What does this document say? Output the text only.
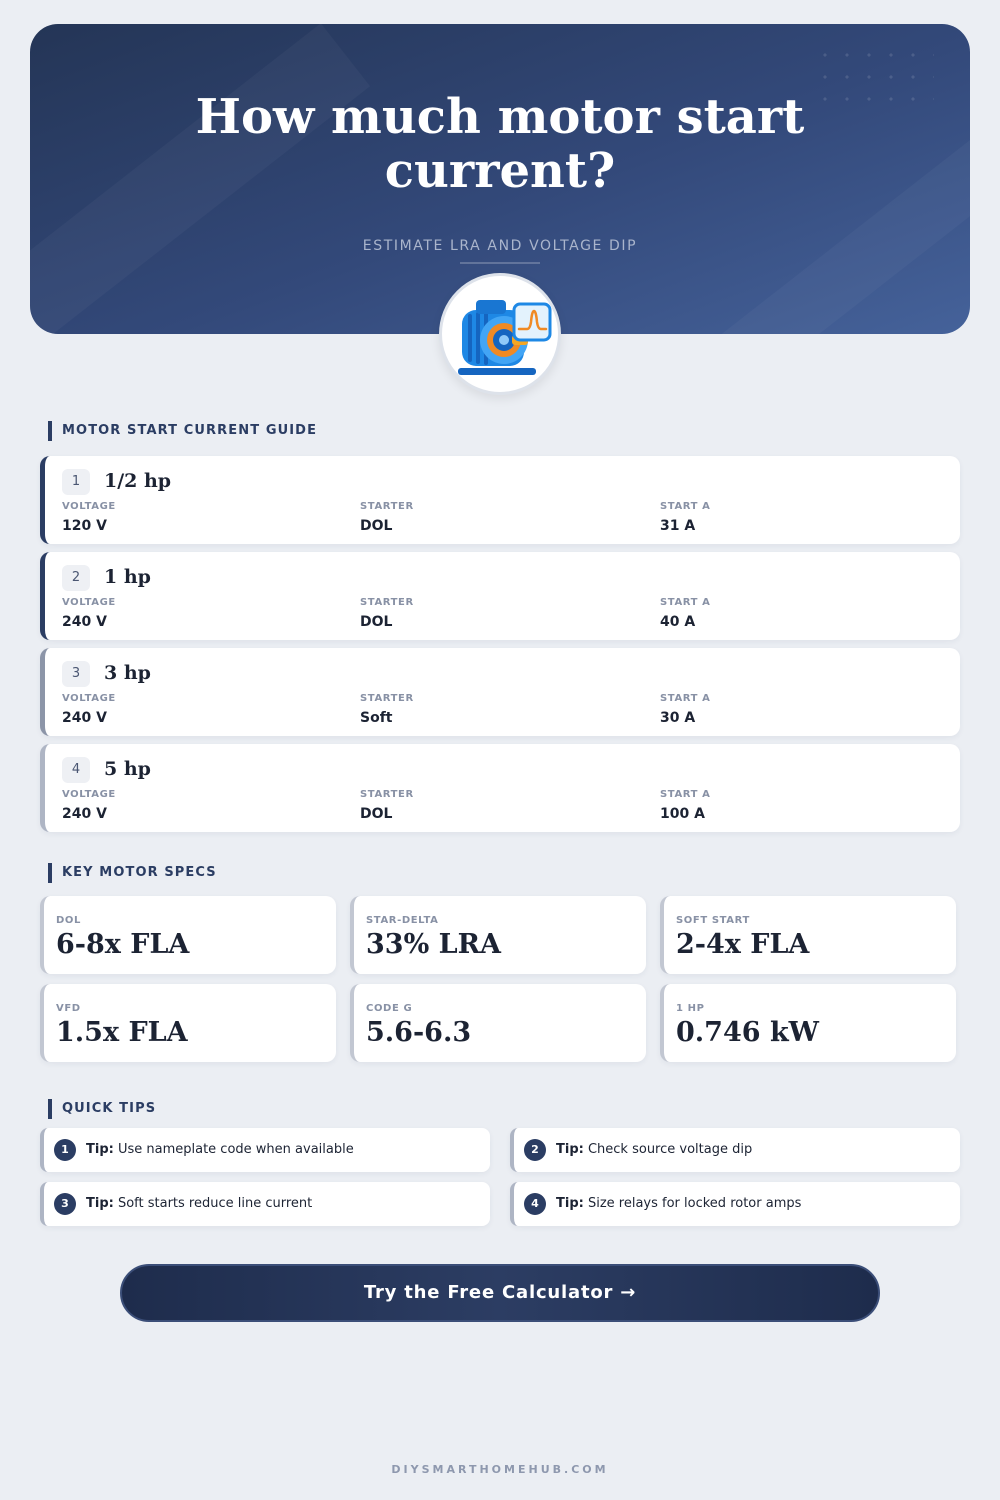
How much motor start
current?
ESTIMATE LRA AND VOLTAGE DIP
MOTOR START CURRENT GUIDE
1	1/2 hp
VOLTAGE
120 V
STARTER
DOL
START A
31 A
2	1 hp
VOLTAGE
240 V
STARTER
DOL
START A
40 A
3	3 hp
VOLTAGE
240 V
STARTER
Soft
START A
30 A
4	5 hp
VOLTAGE
240 V
STARTER
DOL
START A
100 A
KEY MOTOR SPECS
DOL
6-8x FLA
STAR-DELTA
33% LRA
SOFT START
2-4x FLA
VFD
1.5x FLA
CODE G
5.6-6.3
1 HP
0.746 kW
QUICK TIPS
1	Tip: Use nameplate code when available	2	Tip: Check source voltage dip
3	Tip: Soft starts reduce line current	4	Tip: Size relays for locked rotor amps
Try the Free Calculator →
DIYSMARTHOMEHUB.COM
